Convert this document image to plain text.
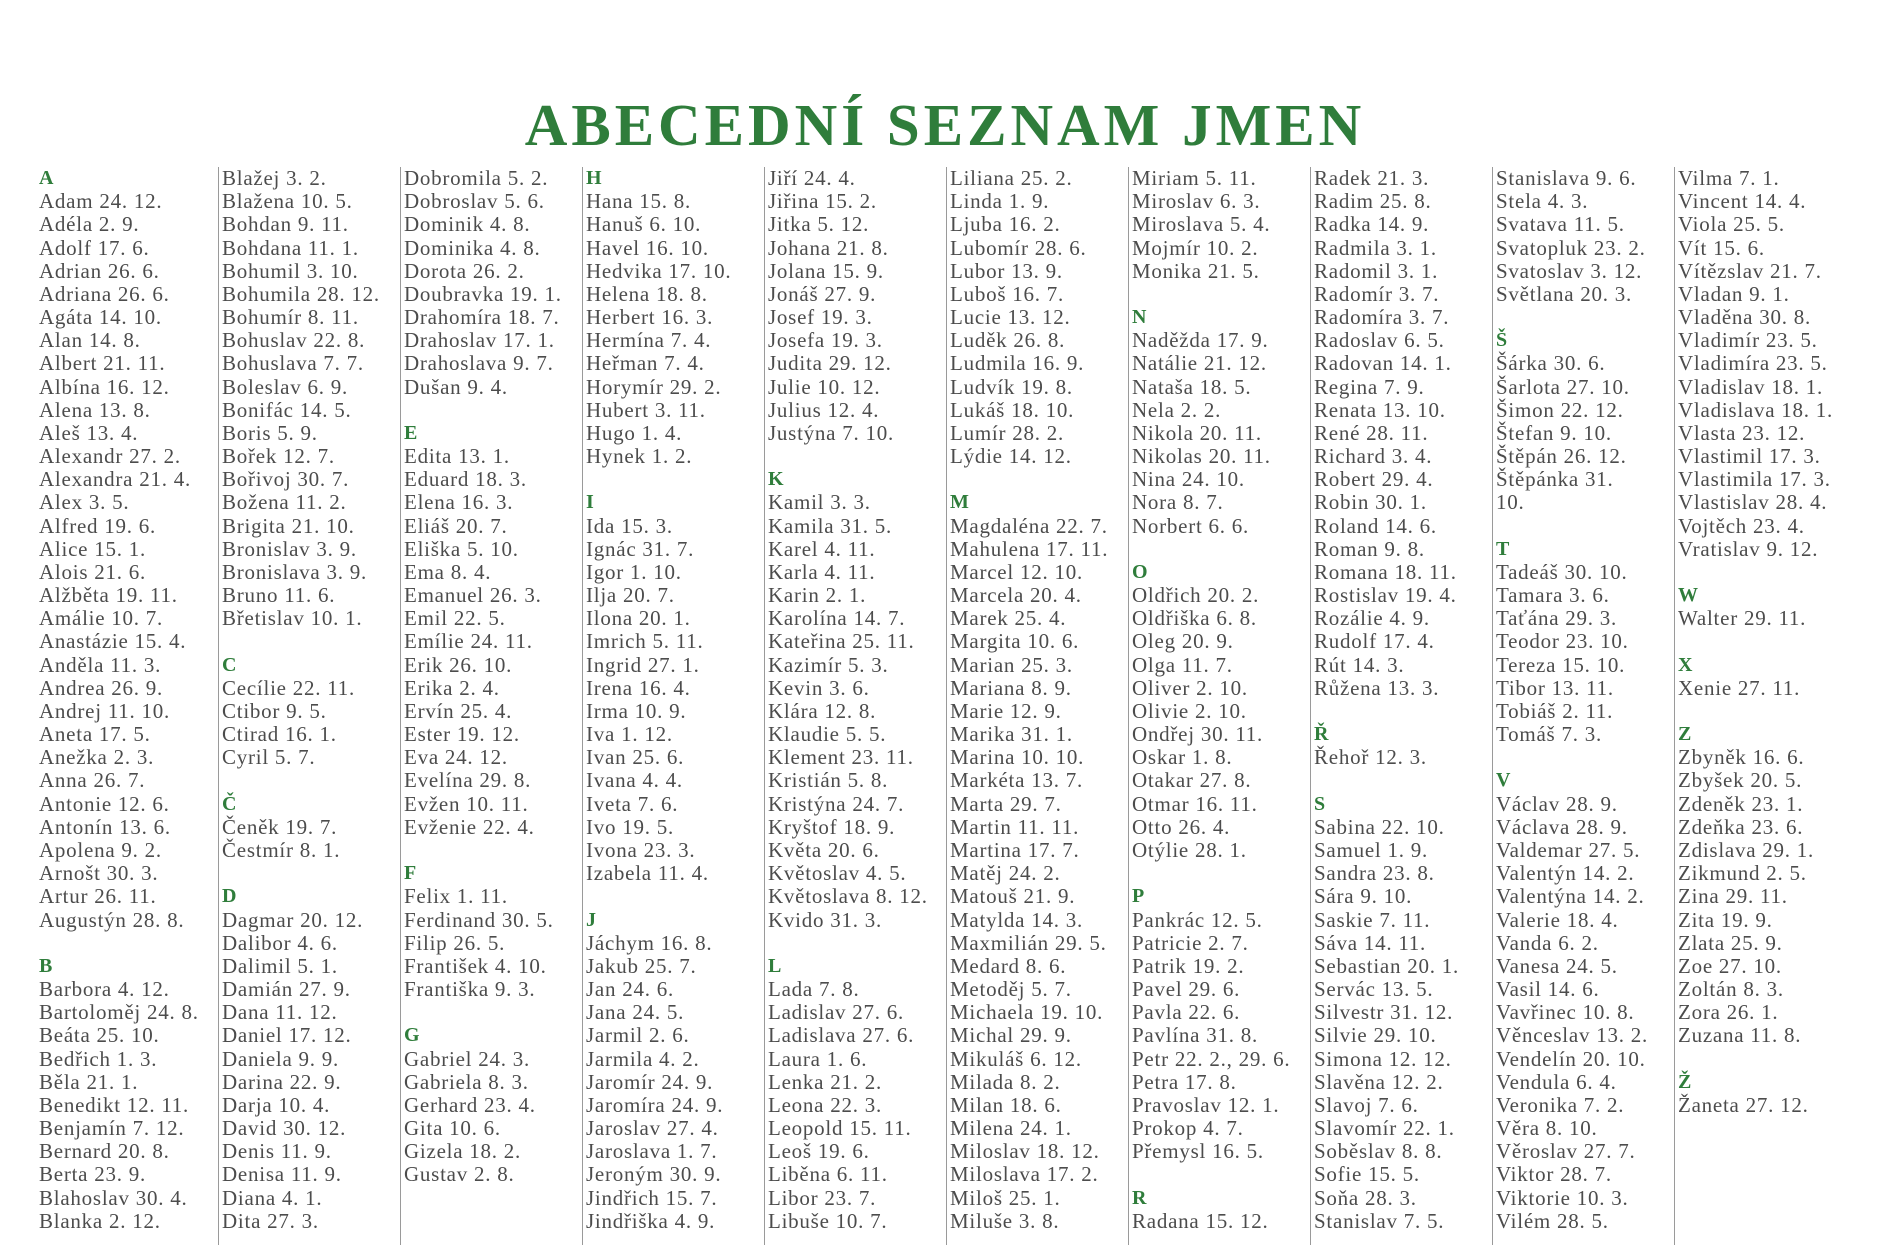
ABECEDNÍ SEZNAM JMEN
A
Adam 24. 12.
Adéla 2. 9.
Adolf 17. 6.
Adrian 26. 6.
Adriana 26. 6.
Agáta 14. 10.
Alan 14. 8.
Albert 21. 11.
Albína 16. 12.
Alena 13. 8.
Aleš 13. 4.
Alexandr 27. 2.
Alexandra 21. 4.
Alex 3. 5.
Alfred 19. 6.
Alice 15. 1.
Alois 21. 6.
Alžběta 19. 11.
Amálie 10. 7.
Anastázie 15. 4.
Anděla 11. 3.
Andrea 26. 9.
Andrej 11. 10.
Aneta 17. 5.
Anežka 2. 3.
Anna 26. 7.
Antonie 12. 6.
Antonín 13. 6.
Apolena 9. 2.
Arnošt 30. 3.
Artur 26. 11.
Augustýn 28. 8.

B
Barbora 4. 12.
Bartoloměj 24. 8.
Beáta 25. 10.
Bedřich 1. 3.
Běla 21. 1.
Benedikt 12. 11.
Benjamín 7. 12.
Bernard 20. 8.
Berta 23. 9.
Blahoslav 30. 4.
Blanka 2. 12.
Blažej 3. 2.
Blažena 10. 5.
Bohdan 9. 11.
Bohdana 11. 1.
Bohumil 3. 10.
Bohumila 28. 12.
Bohumír 8. 11.
Bohuslav 22. 8.
Bohuslava 7. 7.
Boleslav 6. 9.
Bonifác 14. 5.
Boris 5. 9.
Bořek 12. 7.
Bořivoj 30. 7.
Božena 11. 2.
Brigita 21. 10.
Bronislav 3. 9.
Bronislava 3. 9.
Bruno 11. 6.
Břetislav 10. 1.

C
Cecílie 22. 11.
Ctibor 9. 5.
Ctirad 16. 1.
Cyril 5. 7.

Č
Čeněk 19. 7.
Čestmír 8. 1.

D
Dagmar 20. 12.
Dalibor 4. 6.
Dalimil 5. 1.
Damián 27. 9.
Dana 11. 12.
Daniel 17. 12.
Daniela 9. 9.
Darina 22. 9.
Darja 10. 4.
David 30. 12.
Denis 11. 9.
Denisa 11. 9.
Diana 4. 1.
Dita 27. 3.
Dobromila 5. 2.
Dobroslav 5. 6.
Dominik 4. 8.
Dominika 4. 8.
Dorota 26. 2.
Doubravka 19. 1.
Drahomíra 18. 7.
Drahoslav 17. 1.
Drahoslava 9. 7.
Dušan 9. 4.

E
Edita 13. 1.
Eduard 18. 3.
Elena 16. 3.
Eliáš 20. 7.
Eliška 5. 10.
Ema 8. 4.
Emanuel 26. 3.
Emil 22. 5.
Emílie 24. 11.
Erik 26. 10.
Erika 2. 4.
Ervín 25. 4.
Ester 19. 12.
Eva 24. 12.
Evelína 29. 8.
Evžen 10. 11.
Evženie 22. 4.

F
Felix 1. 11.
Ferdinand 30. 5.
Filip 26. 5.
František 4. 10.
Františka 9. 3.

G
Gabriel 24. 3.
Gabriela 8. 3.
Gerhard 23. 4.
Gita 10. 6.
Gizela 18. 2.
Gustav 2. 8.
H
Hana 15. 8.
Hanuš 6. 10.
Havel 16. 10.
Hedvika 17. 10.
Helena 18. 8.
Herbert 16. 3.
Hermína 7. 4.
Heřman 7. 4.
Horymír 29. 2.
Hubert 3. 11.
Hugo 1. 4.
Hynek 1. 2.

I
Ida 15. 3.
Ignác 31. 7.
Igor 1. 10.
Ilja 20. 7.
Ilona 20. 1.
Imrich 5. 11.
Ingrid 27. 1.
Irena 16. 4.
Irma 10. 9.
Iva 1. 12.
Ivan 25. 6.
Ivana 4. 4.
Iveta 7. 6.
Ivo 19. 5.
Ivona 23. 3.
Izabela 11. 4.

J
Jáchym 16. 8.
Jakub 25. 7.
Jan 24. 6.
Jana 24. 5.
Jarmil 2. 6.
Jarmila 4. 2.
Jaromír 24. 9.
Jaromíra 24. 9.
Jaroslav 27. 4.
Jaroslava 1. 7.
Jeroným 30. 9.
Jindřich 15. 7.
Jindřiška 4. 9.
Jiří 24. 4.
Jiřina 15. 2.
Jitka 5. 12.
Johana 21. 8.
Jolana 15. 9.
Jonáš 27. 9.
Josef 19. 3.
Josefa 19. 3.
Judita 29. 12.
Julie 10. 12.
Julius 12. 4.
Justýna 7. 10.

K
Kamil 3. 3.
Kamila 31. 5.
Karel 4. 11.
Karla 4. 11.
Karin 2. 1.
Karolína 14. 7.
Kateřina 25. 11.
Kazimír 5. 3.
Kevin 3. 6.
Klára 12. 8.
Klaudie 5. 5.
Klement 23. 11.
Kristián 5. 8.
Kristýna 24. 7.
Kryštof 18. 9.
Květa 20. 6.
Květoslav 4. 5.
Květoslava 8. 12.
Kvido 31. 3.

L
Lada 7. 8.
Ladislav 27. 6.
Ladislava 27. 6.
Laura 1. 6.
Lenka 21. 2.
Leona 22. 3.
Leopold 15. 11.
Leoš 19. 6.
Liběna 6. 11.
Libor 23. 7.
Libuše 10. 7.
Liliana 25. 2.
Linda 1. 9.
Ljuba 16. 2.
Lubomír 28. 6.
Lubor 13. 9.
Luboš 16. 7.
Lucie 13. 12.
Luděk 26. 8.
Ludmila 16. 9.
Ludvík 19. 8.
Lukáš 18. 10.
Lumír 28. 2.
Lýdie 14. 12.

M
Magdaléna 22. 7.
Mahulena 17. 11.
Marcel 12. 10.
Marcela 20. 4.
Marek 25. 4.
Margita 10. 6.
Marian 25. 3.
Mariana 8. 9.
Marie 12. 9.
Marika 31. 1.
Marina 10. 10.
Markéta 13. 7.
Marta 29. 7.
Martin 11. 11.
Martina 17. 7.
Matěj 24. 2.
Matouš 21. 9.
Matylda 14. 3.
Maxmilián 29. 5.
Medard 8. 6.
Metoděj 5. 7.
Michaela 19. 10.
Michal 29. 9.
Mikuláš 6. 12.
Milada 8. 2.
Milan 18. 6.
Milena 24. 1.
Miloslav 18. 12.
Miloslava 17. 2.
Miloš 25. 1.
Miluše 3. 8.
Miriam 5. 11.
Miroslav 6. 3.
Miroslava 5. 4.
Mojmír 10. 2.
Monika 21. 5.

N
Naděžda 17. 9.
Natálie 21. 12.
Nataša 18. 5.
Nela 2. 2.
Nikola 20. 11.
Nikolas 20. 11.
Nina 24. 10.
Nora 8. 7.
Norbert 6. 6.

O
Oldřich 20. 2.
Oldřiška 6. 8.
Oleg 20. 9.
Olga 11. 7.
Oliver 2. 10.
Olivie 2. 10.
Ondřej 30. 11.
Oskar 1. 8.
Otakar 27. 8.
Otmar 16. 11.
Otto 26. 4.
Otýlie 28. 1.

P
Pankrác 12. 5.
Patricie 2. 7.
Patrik 19. 2.
Pavel 29. 6.
Pavla 22. 6.
Pavlína 31. 8.
Petr 22. 2., 29. 6.
Petra 17. 8.
Pravoslav 12. 1.
Prokop 4. 7.
Přemysl 16. 5.

R
Radana 15. 12.
Radek 21. 3.
Radim 25. 8.
Radka 14. 9.
Radmila 3. 1.
Radomil 3. 1.
Radomír 3. 7.
Radomíra 3. 7.
Radoslav 6. 5.
Radovan 14. 1.
Regina 7. 9.
Renata 13. 10.
René 28. 11.
Richard 3. 4.
Robert 29. 4.
Robin 30. 1.
Roland 14. 6.
Roman 9. 8.
Romana 18. 11.
Rostislav 19. 4.
Rozálie 4. 9.
Rudolf 17. 4.
Rút 14. 3.
Růžena 13. 3.

Ř
Řehoř 12. 3.

S
Sabina 22. 10.
Samuel 1. 9.
Sandra 23. 8.
Sára 9. 10.
Saskie 7. 11.
Sáva 14. 11.
Sebastian 20. 1.
Servác 13. 5.
Silvestr 31. 12.
Silvie 29. 10.
Simona 12. 12.
Slavěna 12. 2.
Slavoj 7. 6.
Slavomír 22. 1.
Soběslav 8. 8.
Sofie 15. 5.
Soňa 28. 3.
Stanislav 7. 5.
Stanislava 9. 6.
Stela 4. 3.
Svatava 11. 5.
Svatopluk 23. 2.
Svatoslav 3. 12.
Světlana 20. 3.

Š
Šárka 30. 6.
Šarlota 27. 10.
Šimon 22. 12.
Štefan 9. 10.
Štěpán 26. 12.
Štěpánka 31.
10.

T
Tadeáš 30. 10.
Tamara 3. 6.
Taťána 29. 3.
Teodor 23. 10.
Tereza 15. 10.
Tibor 13. 11.
Tobiáš 2. 11.
Tomáš 7. 3.

V
Václav 28. 9.
Václava 28. 9.
Valdemar 27. 5.
Valentýn 14. 2.
Valentýna 14. 2.
Valerie 18. 4.
Vanda 6. 2.
Vanesa 24. 5.
Vasil 14. 6.
Vavřinec 10. 8.
Věnceslav 13. 2.
Vendelín 20. 10.
Vendula 6. 4.
Veronika 7. 2.
Věra 8. 10.
Věroslav 27. 7.
Viktor 28. 7.
Viktorie 10. 3.
Vilém 28. 5.
Vilma 7. 1.
Vincent 14. 4.
Viola 25. 5.
Vít 15. 6.
Vítězslav 21. 7.
Vladan 9. 1.
Vladěna 30. 8.
Vladimír 23. 5.
Vladimíra 23. 5.
Vladislav 18. 1.
Vladislava 18. 1.
Vlasta 23. 12.
Vlastimil 17. 3.
Vlastimila 17. 3.
Vlastislav 28. 4.
Vojtěch 23. 4.
Vratislav 9. 12.

W
Walter 29. 11.

X
Xenie 27. 11.

Z
Zbyněk 16. 6.
Zbyšek 20. 5.
Zdeněk 23. 1.
Zdeňka 23. 6.
Zdislava 29. 1.
Zikmund 2. 5.
Zina 29. 11.
Zita 19. 9.
Zlata 25. 9.
Zoe 27. 10.
Zoltán 8. 3.
Zora 26. 1.
Zuzana 11. 8.

Ž
Žaneta 27. 12.
